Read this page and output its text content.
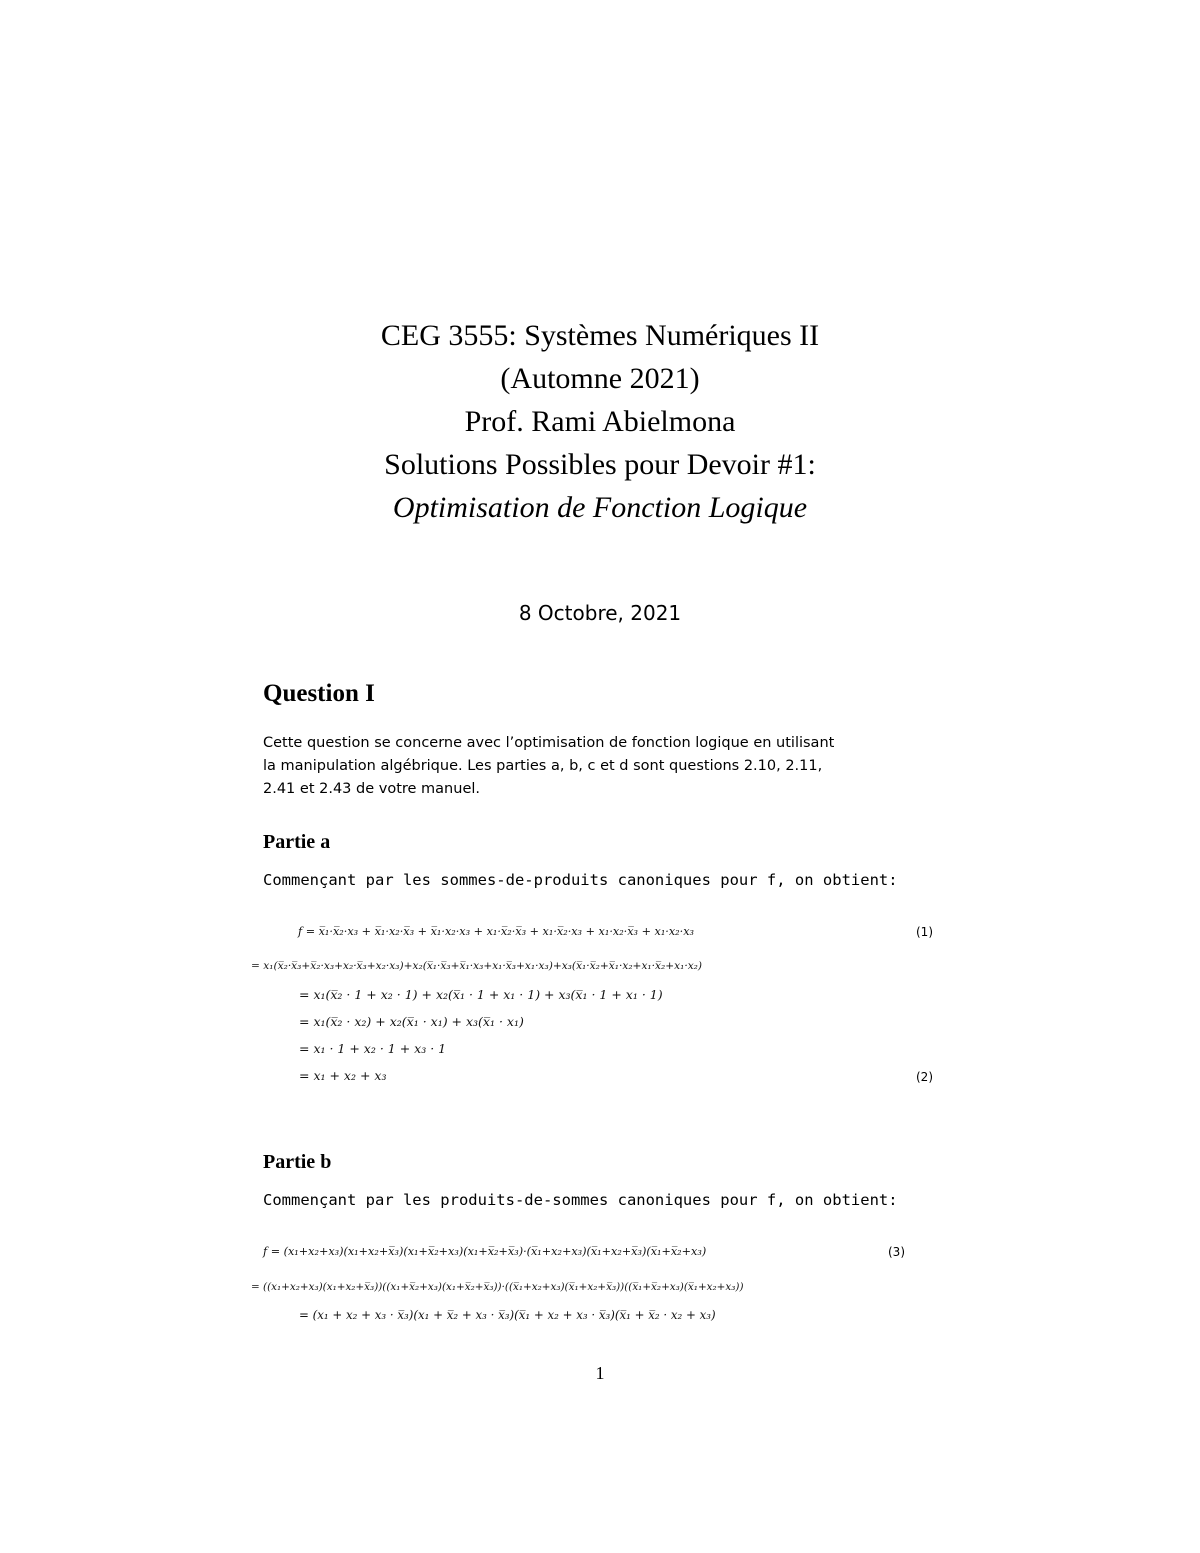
CEG 3555: Systèmes Numériques II
(Automne 2021)
Prof. Rami Abielmona
Solutions Possibles pour Devoir #1:
Optimisation de Fonction Logique
8 Octobre, 2021
Question I
Cette question se concerne avec l’optimisation de fonction logique en utilisant
la manipulation algébrique. Les parties a, b, c et d sont questions 2.10, 2.11,
2.41 et 2.43 de votre manuel.
Partie a
Commençant par les sommes-de-produits canoniques pour f, on obtient:
f = x̅₁·x̅₂·x₃ + x̅₁·x₂·x̅₃ + x̅₁·x₂·x₃ + x₁·x̅₂·x̅₃ + x₁·x̅₂·x₃ + x₁·x₂·x̅₃ + x₁·x₂·x₃	(1)
= x₁(x̅₂·x̅₃+x̅₂·x₃+x₂·x̅₃+x₂·x₃)+x₂(x̅₁·x̅₃+x̅₁·x₃+x₁·x̅₃+x₁·x₃)+x₃(x̅₁·x̅₂+x̅₁·x₂+x₁·x̅₂+x₁·x₂)
= x₁(x̅₂ · 1 + x₂ · 1) + x₂(x̅₁ · 1 + x₁ · 1) + x₃(x̅₁ · 1 + x₁ · 1)
= x₁(x̅₂ · x₂) + x₂(x̅₁ · x₁) + x₃(x̅₁ · x₁)
= x₁ · 1 + x₂ · 1 + x₃ · 1
= x₁ + x₂ + x₃	(2)
Partie b
Commençant par les produits-de-sommes canoniques pour f, on obtient:
f = (x₁+x₂+x₃)(x₁+x₂+x̅₃)(x₁+x̅₂+x₃)(x₁+x̅₂+x̅₃)·(x̅₁+x₂+x₃)(x̅₁+x₂+x̅₃)(x̅₁+x̅₂+x₃)	(3)
= ((x₁+x₂+x₃)(x₁+x₂+x̅₃))((x₁+x̅₂+x₃)(x₁+x̅₂+x̅₃))·((x̅₁+x₂+x₃)(x̅₁+x₂+x̅₃))((x̅₁+x̅₂+x₃)(x̅₁+x₂+x₃))
= (x₁ + x₂ + x₃ · x̅₃)(x₁ + x̅₂ + x₃ · x̅₃)(x̅₁ + x₂ + x₃ · x̅₃)(x̅₁ + x̅₂ · x₂ + x₃)
1
